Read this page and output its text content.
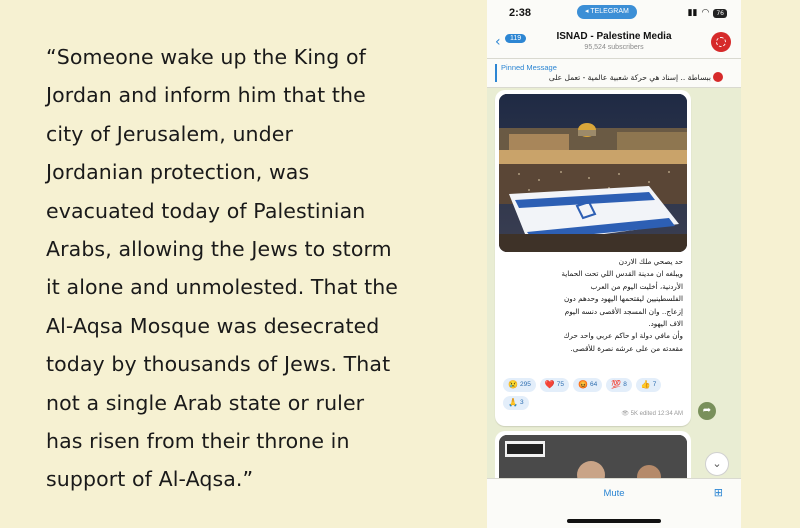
“Someone wake up the King of
Jordan and inform him that the
city of Jerusalem, under
Jordanian protection, was
evacuated today of Palestinian
Arabs, allowing the Jews to storm
it alone and unmolested. That the
Al-Aqsa Mosque was desecrated
today by thousands of Jews. That
not a single Arab state or ruler
has risen from their throne in
support of Al-Aqsa.”
2:38	◂ TELEGRAM	▮▮ ◠	76
‹	119	ISNAD - Palestine Media
95,524 subscribers
Pinned Message
ببساطة .. إسناد هي حركة شعبية عالمية - تعمل على
حد يصحي ملك الاردن
ويبلغه ان مدينة القدس اللي تحت الحماية
الأردنية، أخليت اليوم من العرب
الفلسطينيين ليقتحمها اليهود وحدهم دون
إزعاج.. وان المسجد الأقصى دنسه اليوم
الاف اليهود.
وأن مافي دولة او حاكم عربي واحد حرك
مقعدته من على عرشه نصرة للأقصى.
😢 295 ❤️ 75 😡 64 💯 8 👍 7
🙏 3
👁 5K edited 12:34 AM	➦
⌄
Mute	⊞
